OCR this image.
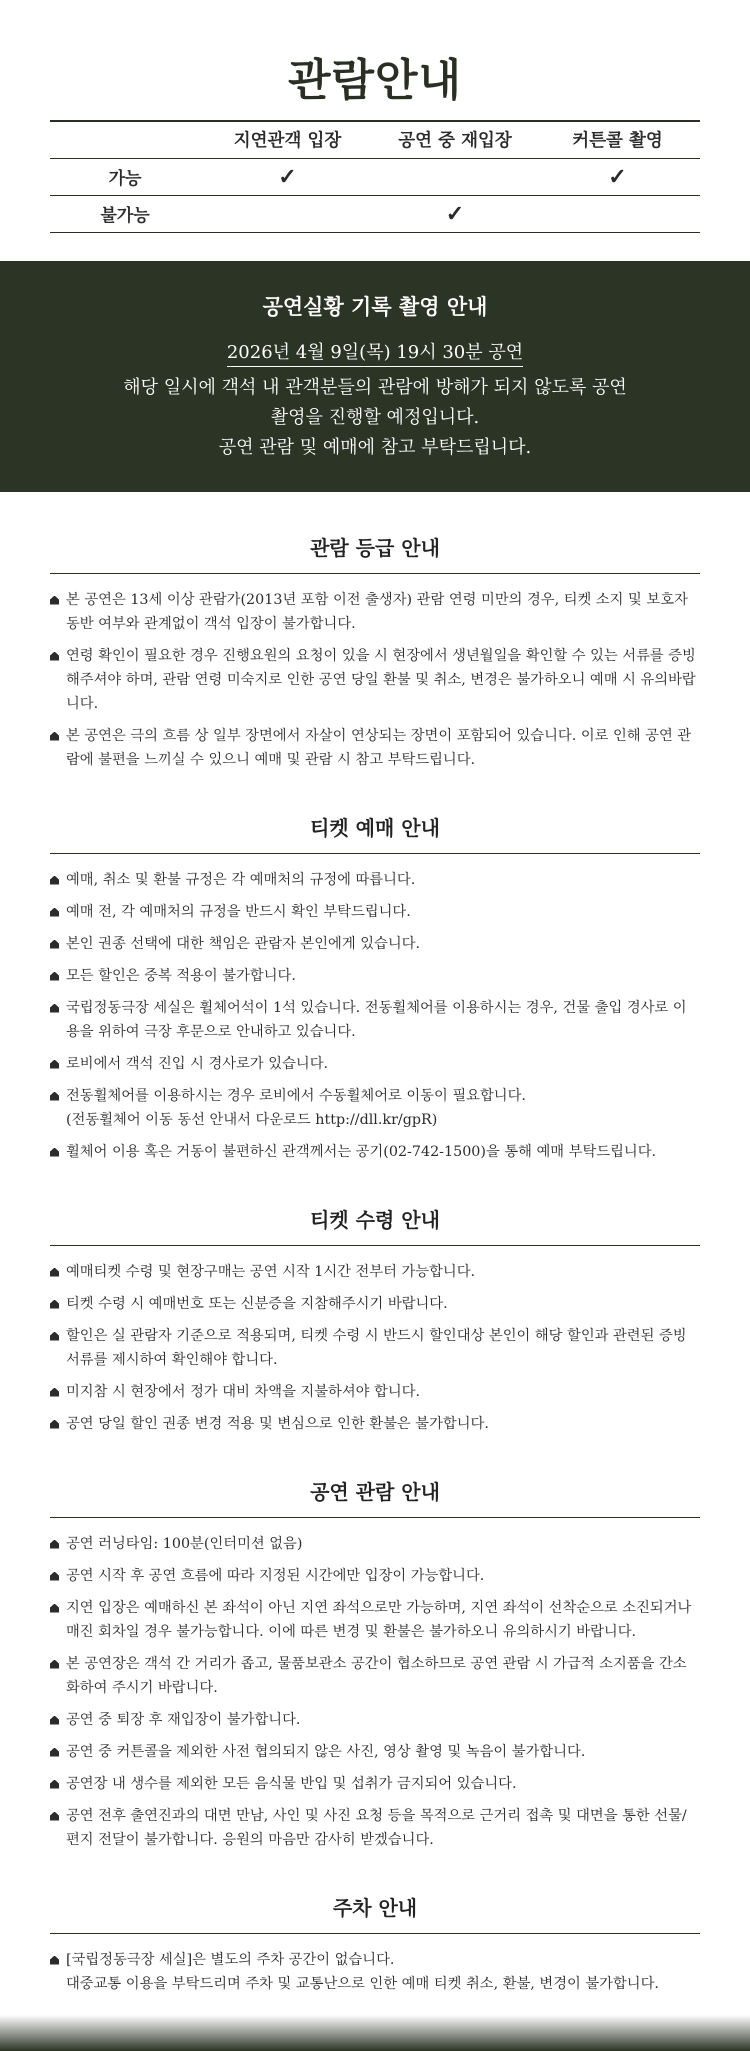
관람안내
	지연관객 입장	공연 중 재입장	커튼콜 촬영
가능	✓		✓
불가능		✓	
공연실황 기록 촬영 안내
2026년 4월 9일(목) 19시 30분 공연
해당 일시에 객석 내 관객분들의 관람에 방해가 되지 않도록 공연
촬영을 진행할 예정입니다.
공연 관람 및 예매에 참고 부탁드립니다.
관람 등급 안내
본 공연은 13세 이상 관람가(2013년 포함 이전 출생자) 관람 연령 미만의 경우, 티켓 소지 및 보호자 동반 여부와 관계없이 객석 입장이 불가합니다.
연령 확인이 필요한 경우 진행요원의 요청이 있을 시 현장에서 생년월일을 확인할 수 있는 서류를 증빙해주셔야 하며, 관람 연령 미숙지로 인한 공연 당일 환불 및 취소, 변경은 불가하오니 예매 시 유의바랍니다.
본 공연은 극의 흐름 상 일부 장면에서 자살이 연상되는 장면이 포함되어 있습니다. 이로 인해 공연 관람에 불편을 느끼실 수 있으니 예매 및 관람 시 참고 부탁드립니다.
티켓 예매 안내
예매, 취소 및 환불 규정은 각 예매처의 규정에 따릅니다.
예매 전, 각 예매처의 규정을 반드시 확인 부탁드립니다.
본인 권종 선택에 대한 책임은 관람자 본인에게 있습니다.
모든 할인은 중복 적용이 불가합니다.
국립정동극장 세실은 휠체어석이 1석 있습니다. 전동휠체어를 이용하시는 경우, 건물 출입 경사로 이용을 위하여 극장 후문으로 안내하고 있습니다.
로비에서 객석 진입 시 경사로가 있습니다.
전동휠체어를 이용하시는 경우 로비에서 수동휠체어로 이동이 필요합니다.
(전동휠체어 이동 동선 안내서 다운로드 http://dll.kr/gpR)
휠체어 이용 혹은 거동이 불편하신 관객께서는 공기(02-742-1500)을 통해 예매 부탁드립니다.
티켓 수령 안내
예매티켓 수령 및 현장구매는 공연 시작 1시간 전부터 가능합니다.
티켓 수령 시 예매번호 또는 신분증을 지참해주시기 바랍니다.
할인은 실 관람자 기준으로 적용되며, 티켓 수령 시 반드시 할인대상 본인이 해당 할인과 관련된 증빙 서류를 제시하여 확인해야 합니다.
미지참 시 현장에서 정가 대비 차액을 지불하셔야 합니다.
공연 당일 할인 권종 변경 적용 및 변심으로 인한 환불은 불가합니다.
공연 관람 안내
공연 러닝타임: 100분(인터미션 없음)
공연 시작 후 공연 흐름에 따라 지정된 시간에만 입장이 가능합니다.
지연 입장은 예매하신 본 좌석이 아닌 지연 좌석으로만 가능하며, 지연 좌석이 선착순으로 소진되거나 매진 회차일 경우 불가능합니다. 이에 따른 변경 및 환불은 불가하오니 유의하시기 바랍니다.
본 공연장은 객석 간 거리가 좁고, 물품보관소 공간이 협소하므로 공연 관람 시 가급적 소지품을 간소화하여 주시기 바랍니다.
공연 중 퇴장 후 재입장이 불가합니다.
공연 중 커튼콜을 제외한 사전 협의되지 않은 사진, 영상 촬영 및 녹음이 불가합니다.
공연장 내 생수를 제외한 모든 음식물 반입 및 섭취가 금지되어 있습니다.
공연 전후 출연진과의 대면 만남, 사인 및 사진 요청 등을 목적으로 근거리 접촉 및 대면을 통한 선물/편지 전달이 불가합니다. 응원의 마음만 감사히 받겠습니다.
주차 안내
[국립정동극장 세실]은 별도의 주차 공간이 없습니다.
대중교통 이용을 부탁드리며 주차 및 교통난으로 인한 예매 티켓 취소, 환불, 변경이 불가합니다.
